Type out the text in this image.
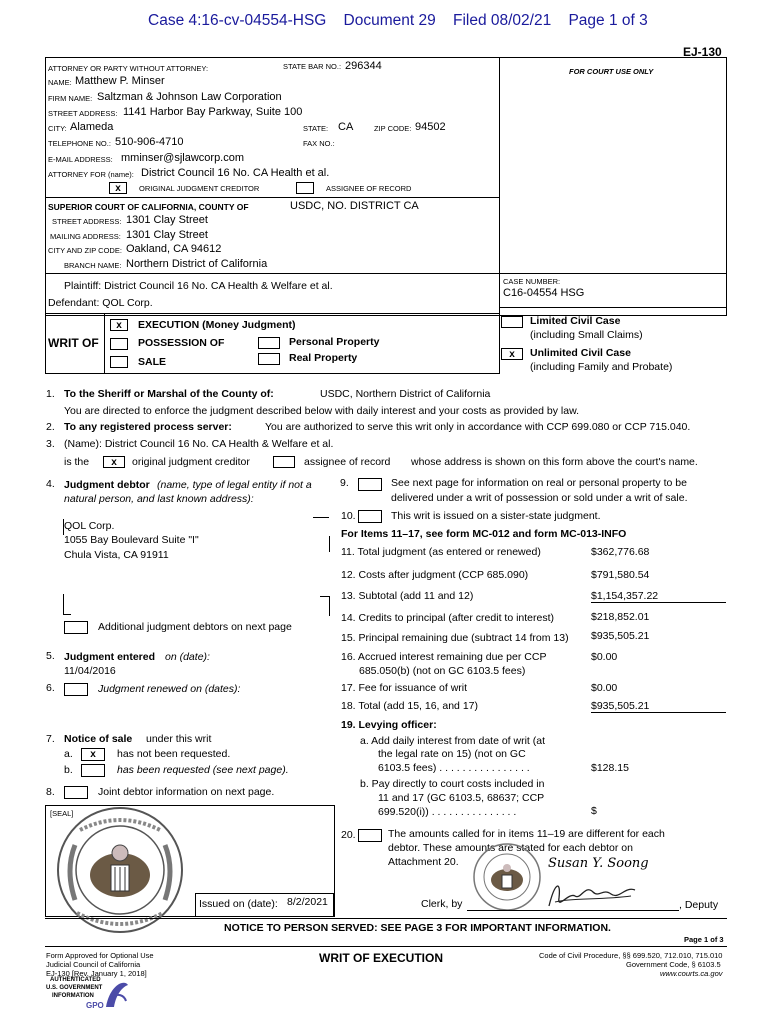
Case 4:16-cv-04554-HSG    Document 29    Filed 08/02/21    Page 1 of 3
EJ-130
ATTORNEY OR PARTY WITHOUT ATTORNEY:	STATE BAR NO.: 296344	FOR COURT USE ONLY
NAME: Matthew P. Minser
FIRM NAME: Saltzman & Johnson Law Corporation
STREET ADDRESS: 1141 Harbor Bay Parkway, Suite 100
CITY: Alameda	STATE: CA	ZIP CODE: 94502
TELEPHONE NO.: 510-906-4710	FAX NO.:
E-MAIL ADDRESS: mminser@sjlawcorp.com
ATTORNEY FOR (name): District Council 16 No. CA Health et al.
x	ORIGINAL JUDGMENT CREDITOR	ASSIGNEE OF RECORD
SUPERIOR COURT OF CALIFORNIA, COUNTY OF	USDC, NO. DISTRICT CA
STREET ADDRESS: 1301 Clay Street
MAILING ADDRESS: 1301 Clay Street
CITY AND ZIP CODE: Oakland, CA 94612
BRANCH NAME: Northern District of California
Plaintiff: District Council 16 No. CA Health & Welfare et al.
Defendant: QOL Corp.
CASE NUMBER:
C16-04554 HSG
WRIT OF
x	EXECUTION (Money Judgment)
POSSESSION OF
SALE
Personal Property
Real Property
Limited Civil Case
(including Small Claims)
x	Unlimited Civil Case
(including Family and Probate)
1. To the Sheriff or Marshal of the County of:	USDC, Northern District of California
You are directed to enforce the judgment described below with daily interest and your costs as provided by law.
2. To any registered process server:	You are authorized to serve this writ only in accordance with CCP 699.080 or CCP 715.040.
3. (Name): District Council 16 No. CA Health & Welfare et al.
is the	x	original judgment creditor	assignee of record whose address is shown on this form above the court's name.
4. Judgment debtor (name, type of legal entity if not a
natural person, and last known address):
QOL Corp.
1055 Bay Boulevard Suite "I"
Chula Vista, CA 91911
Additional judgment debtors on next page
5. Judgment entered on (date):
11/04/2016
6.	Judgment renewed on (dates):
7. Notice of sale under this writ
a.	x	has not been requested.
b.	has been requested (see next page).
8.	Joint debtor information on next page.
[SEAL]
Issued on (date): 8/2/2021
9.	See next page for information on real or personal property to be
delivered under a writ of possession or sold under a writ of sale.
10.	This writ is issued on a sister-state judgment.
For Items 11–17, see form MC-012 and form MC-013-INFO
11. Total judgment (as entered or renewed)	$362,776.68
12. Costs after judgment (CCP 685.090)	$791,580.54
13. Subtotal (add 11 and 12)	$1,154,357.22
14. Credits to principal (after credit to interest)	$218,852.01
15. Principal remaining due (subtract 14 from 13) $935,505.21
16. Accrued interest remaining due per CCP
685.050(b) (not on GC 6103.5 fees)
$0.00
17. Fee for issuance of writ	$0.00
18. Total (add 15, 16, and 17)	$935,505.21
19. Levying officer:
a. Add daily interest from date of writ (at
the legal rate on 15) (not on GC
6103.5 fees) . . . . . . . . . . . . . . . .	$128.15
b. Pay directly to court costs included in
11 and 17 (GC 6103.5, 68637; CCP
699.520(i)) . . . . . . . . . . . . . . .	$
20.	The amounts called for in items 11–19 are different for each
debtor. These amounts are stated for each debtor on
Attachment 20.	Susan Y. Soong
Clerk, by	, Deputy
NOTICE TO PERSON SERVED: SEE PAGE 3 FOR IMPORTANT INFORMATION.
Form Approved for Optional Use
Judicial Council of California
EJ-130 [Rev. January 1, 2018]
WRIT OF EXECUTION
Page 1 of 3
Code of Civil Procedure, §§ 699.520, 712.010, 715.010
Government Code, § 6103.5
www.courts.ca.gov
AUTHENTICATED
U.S. GOVERNMENT
INFORMATION
GPO
